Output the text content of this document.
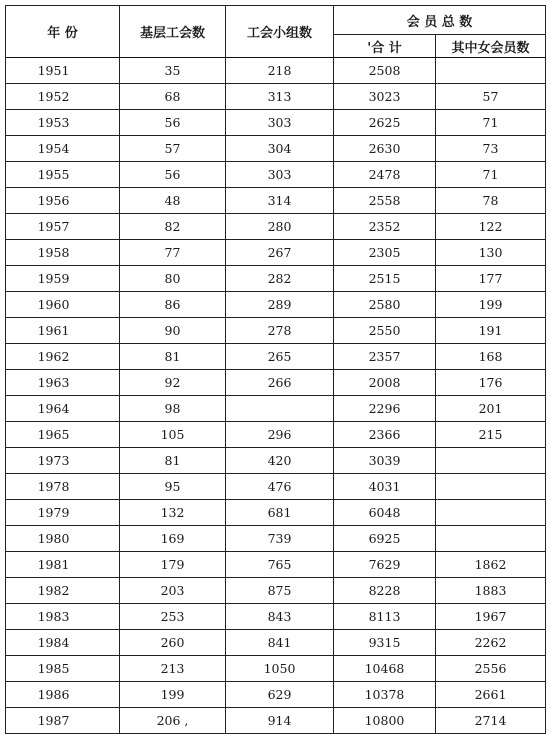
年 份	基层工会数	工会小组数	会 员 总 数	
			'合 计	其中女会员数
1951	35	218	2508	
1952	68	313	3023	57
1953	56	303	2625	71
1954	57	304	2630	73
1955	56	303	2478	71
1956	48	314	2558	78
1957	82	280	2352	122
1958	77	267	2305	130
1959	80	282	2515	177
1960	86	289	2580	199
1961	90	278	2550	191
1962	81	265	2357	168
1963	92	266	2008	176
1964	98		2296	201
1965	105	296	2366	215
1973	81	420	3039	
1978	95	476	4031	
1979	132	681	6048	
1980	169	739	6925	
1981	179	765	7629	1862
1982	203	875	8228	1883
1983	253	843	8113	1967
1984	260	841	9315	2262
1985	213	1050	10468	2556
1986	199	629	10378	2661
1987	206 ,	914	10800	2714
